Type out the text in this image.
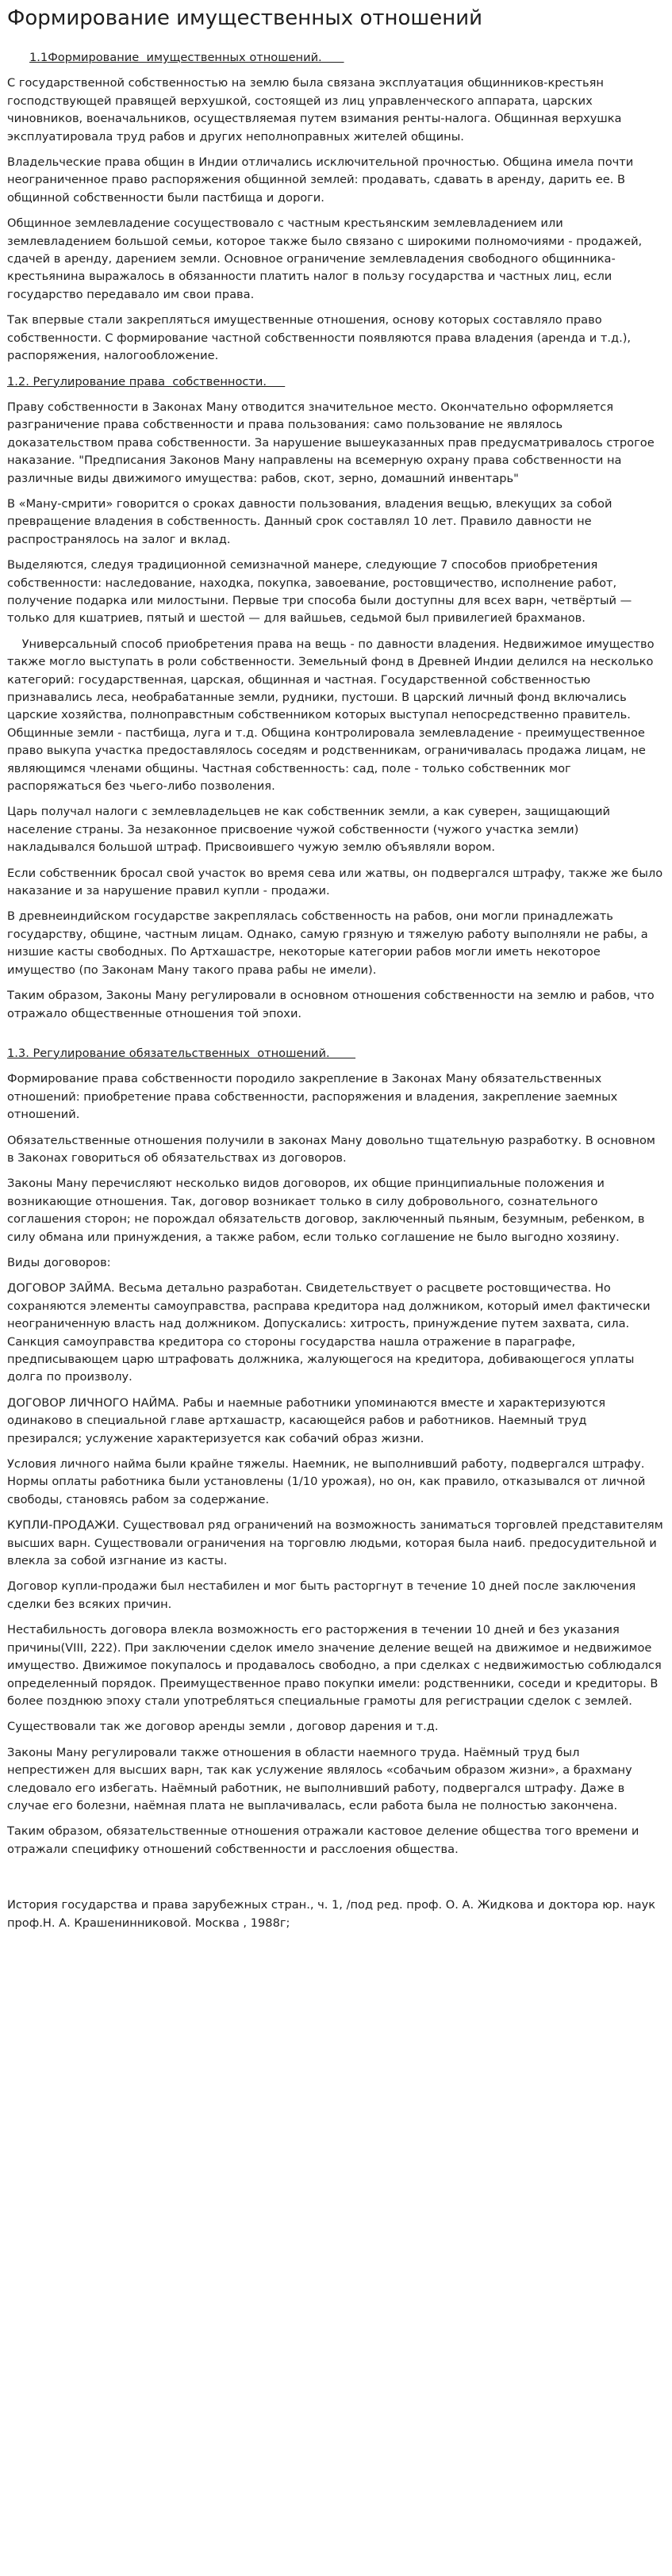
Формирование имущественных отношений
1.1Формирование  имущественных отношений.

С государственной собственностью на землю была связана эксплуатация общинников-крестьян господствующей правящей верхушкой, состоящей из лиц управленческого аппарата, царских чиновников, военачальников, осуществляемая путем взимания ренты-налога. Общинная верхушка эксплуатировала труд рабов и других неполноправных жителей общины.

Владельческие права общин в Индии отличались исключительной прочностью. Община имела почти неограниченное право распоряжения общинной землей: продавать, сдавать в аренду, дарить ее. В общинной собственности были пастбища и дороги.

Общинное землевладение сосуществовало с частным крестьянским землевладением или землевладением большой семьи, которое также было связано с широкими полномочиями - продажей, сдачей в аренду, дарением земли. Основное ограничение землевладения свободного общинника-крестьянина выражалось в обязанности платить налог в пользу государства и частных лиц, если государство передавало им свои права.

Так впервые стали закрепляться имущественные отношения, основу которых составляло право собственности. С формирование частной собственности появляются права владения (аренда и т.д.), распоряжения, налогообложение.

1.2. Регулирование права  собственности.

Праву собственности в Законах Ману отводится значительное место. Окончательно оформляется разграничение права собственности и права пользования: само пользование не являлось доказательством права собственности. За нарушение вышеуказанных прав предусматривалось строгое наказание. "Предписания Законов Ману направлены на всемерную охрану права собственности на различные виды движимого имущества: рабов, скот, зерно, домашний инвентарь"

В «Ману-смрити» говорится о сроках давности пользования, владения вещью, влекущих за собой превращение владения в собственность. Данный срок составлял 10 лет. Правило давности не распространялось на залог и вклад.

Выделяются, следуя традиционной семизначной манере, следующие 7 способов приобретения собственности: наследование, находка, покупка, завоевание, ростовщичество, исполнение работ, получение подарка или милостыни. Первые три способа были доступны для всех варн, четвёртый — только для кшатриев, пятый и шестой — для вайшьев, седьмой был привилегией брахманов.

Универсальный способ приобретения права на вещь - по давности владения. Недвижимое имущество также могло выступать в роли собственности. Земельный фонд в Древней Индии делился на несколько категорий: государственная, царская, общинная и частная. Государственной собственностью признавались леса, необрабатанные земли, рудники, пустоши. В царский личный фонд включались царские хозяйства, полноправстным собственником которых выступал непосредственно правитель. Общинные земли - пастбища, луга и т.д. Община контролировала землевладение - преимущественное право выкупа участка предоставлялось соседям и родственникам, ограничивалась продажа лицам, не являющимся членами общины. Частная собственность: сад, поле - только собственник мог распоряжаться без чьего-либо позволения.

Царь получал налоги с землевладельцев не как собственник земли, а как суверен, защищающий население страны. За незаконное присвоение чужой собственности (чужого участка земли) накладывался большой штраф. Присвоившего чужую землю объявляли вором.

Если собственник бросал свой участок во время сева или жатвы, он подвергался штрафу, также же было наказание и за нарушение правил купли - продажи.

В древнеиндийском государстве закреплялась собственность на рабов, они могли принадлежать государству, общине, частным лицам. Однако, самую грязную и тяжелую работу выполняли не рабы, а низшие касты свободных. По Артхашастре, некоторые категории рабов могли иметь некоторое имущество (по Законам Ману такого права рабы не имели).

Таким образом, Законы Ману регулировали в основном отношения собственности на землю и рабов, что отражало общественные отношения той эпохи.

1.3. Регулирование обязательственных  отношений.

Формирование права собственности породило закрепление в Законах Ману обязательственных отношений: приобретение права собственности, распоряжения и владения, закрепление заемных отношений.

Обязательственные отношения получили в законах Ману довольно тщательную разработку. В основном в Законах говориться об обязательствах из договоров.

Законы Ману перечисляют несколько видов договоров, их общие принципиальные положения и возникающие отношения. Так, договор возникает только в силу добровольного, сознательного соглашения сторон; не порождал обязательств договор, заключенный пьяным, безумным, ребенком, в силу обмана или принуждения, а также рабом, если только соглашение не было выгодно хозяину.

Виды договоров:

ДОГОВОР ЗАЙМА. Весьма детально разработан. Свидетельствует о расцвете ростовщичества. Но сохраняются элементы самоуправства, расправа кредитора над должником, который имел фактически неограниченную власть над должником. Допускались: хитрость, принуждение путем захвата, сила. Санкция самоуправства кредитора со стороны государства нашла отражение в параграфе, предписывающем царю штрафовать должника, жалующегося на кредитора, добивающегося уплаты долга по произволу.

ДОГОВОР ЛИЧНОГО НАЙМА. Рабы и наемные работники упоминаются вместе и характеризуются одинаково в специальной главе артхашастр, касающейся рабов и работников. Наемный труд презирался; услужение характеризуется как собачий образ жизни.

Условия личного найма были крайне тяжелы. Наемник, не выполнивший работу, подвергался штрафу. Нормы оплаты работника были установлены (1/10 урожая), но он, как правило, отказывался от личной свободы, становясь рабом за содержание.

КУПЛИ-ПРОДАЖИ. Существовал ряд ограничений на возможность заниматься торговлей представителям высших варн. Существовали ограничения на торговлю людьми, которая была наиб. предосудительной и влекла за собой изгнание из касты.

Договор купли-продажи был нестабилен и мог быть расторгнут в течение 10 дней после заключения сделки без всяких причин.

Нестабильность договора влекла возможность его расторжения в течении 10 дней и без указания причины(VIII, 222). При заключении сделок имело значение деление вещей на движимое и недвижимое имущество. Движимое покупалось и продавалось свободно, а при сделках с недвижимостью соблюдался определенный порядок. Преимущественное право покупки имели: родственники, соседи и кредиторы. В более позднюю эпоху стали употребляться специальные грамоты для регистрации сделок с землей.

Существовали так же договор аренды земли , договор дарения и т.д.

Законы Ману регулировали также отношения в области наемного труда. Наёмный труд был непрестижен для высших варн, так как услужение являлось «собачьим образом жизни», а брахману следовало его избегать. Наёмный работник, не выполнивший работу, подвергался штрафу. Даже в случае его болезни, наёмная плата не выплачивалась, если работа была не полностью закончена.

Таким образом, обязательственные отношения отражали кастовое деление общества того времени и отражали специфику отношений собственности и расслоения общества.

История государства и права зарубежных стран., ч. 1, /под ред. проф. О. А. Жидкова и доктора юр. наук проф.Н. А. Крашенинниковой. Москва , 1988г;
